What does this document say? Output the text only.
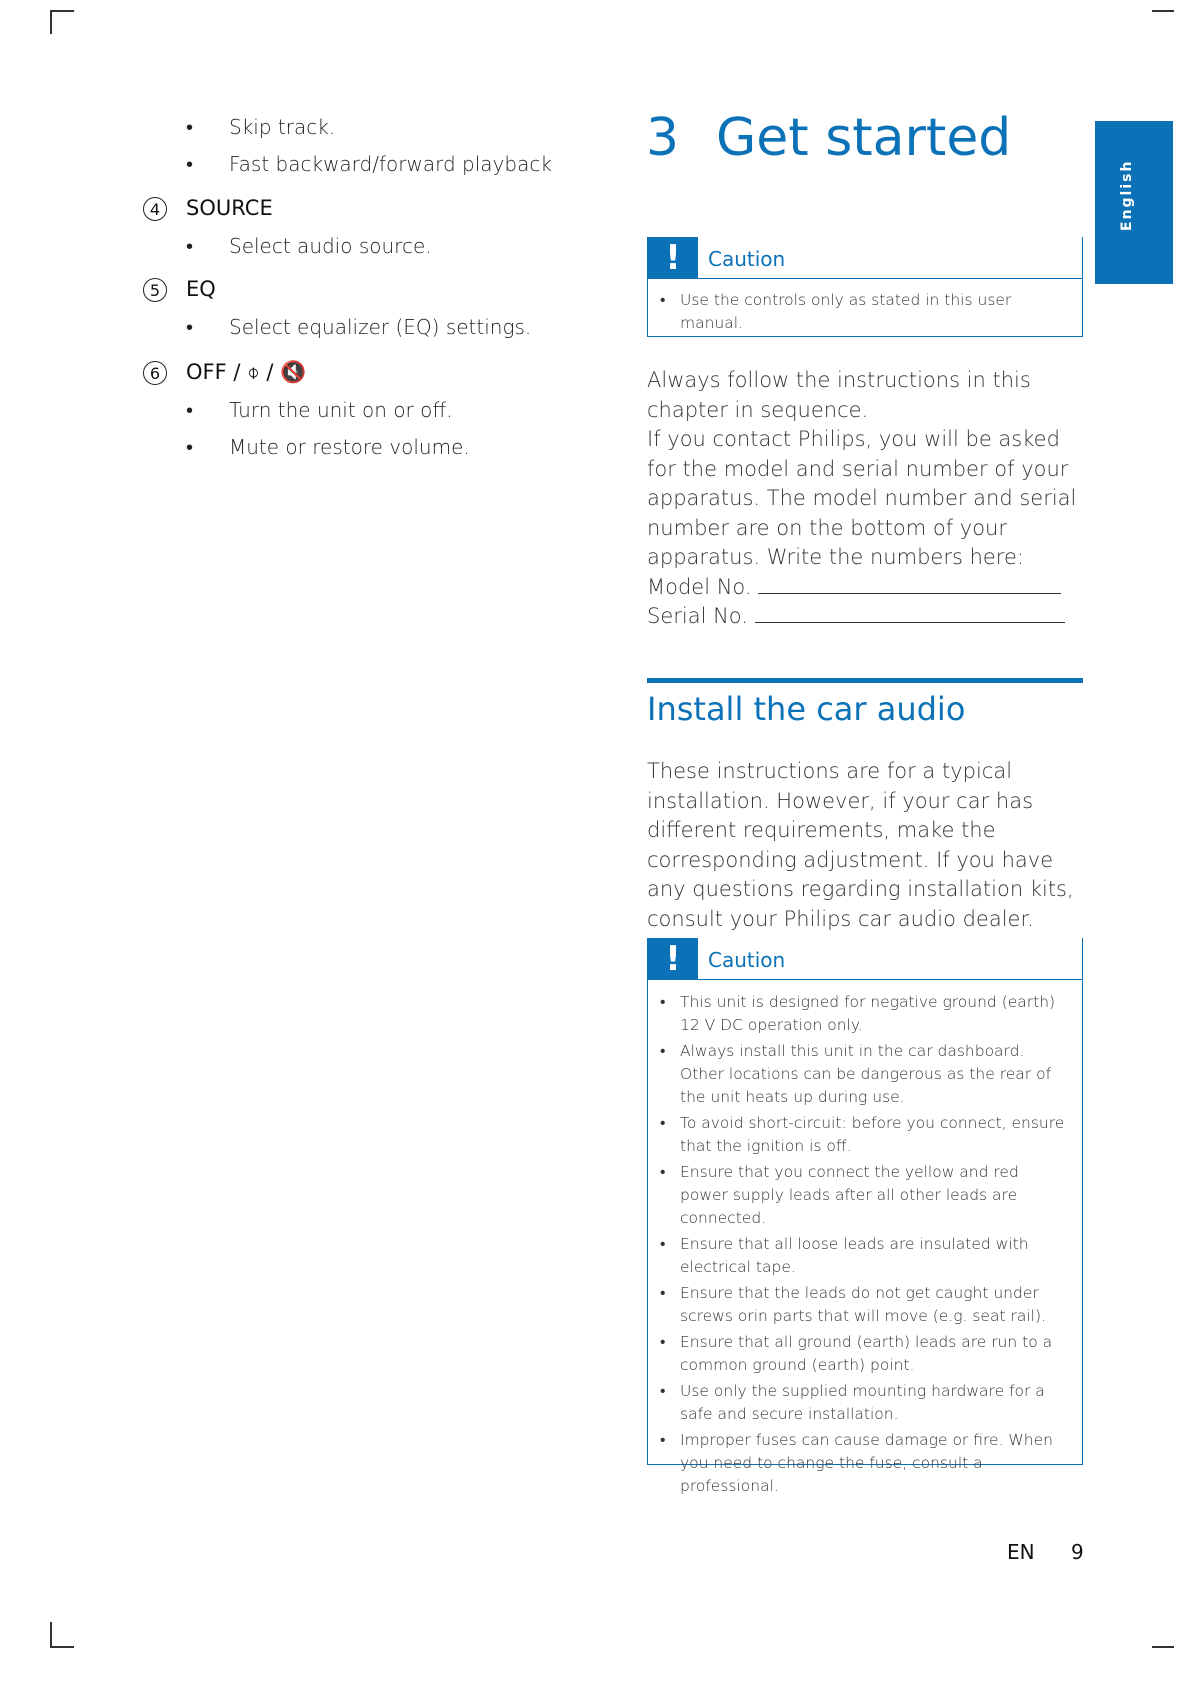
• Skip track.
• Fast backward/forward playback
4	SOURCE
• Select audio source.
5	EQ
• Select equalizer (EQ) settings.
6	OFF / ⌽ / 🔇
• Turn the unit on or off.
• Mute or restore volume.
English
3 Get started
!	Caution
• Use the controls only as stated in this user manual.

Always follow the instructions in this chapter in sequence.

If you contact Philips, you will be asked for the model and serial number of your apparatus. The model number and serial number are on the bottom of your apparatus. Write the numbers here:

Model No.

Serial No.

Install the car audio

These instructions are for a typical installation. However, if your car has different requirements, make the corresponding adjustment. If you have any questions regarding installation kits, consult your Philips car audio dealer.

!	Caution
• This unit is designed for negative ground (earth) 12 V DC operation only.
• Always install this unit in the car dashboard. Other locations can be dangerous as the rear of the unit heats up during use.
• To avoid short-circuit: before you connect, ensure that the ignition is off.
• Ensure that you connect the yellow and red power supply leads after all other leads are connected.
• Ensure that all loose leads are insulated with electrical tape.
• Ensure that the leads do not get caught under screws orin parts that will move (e.g. seat rail).
• Ensure that all ground (earth) leads are run to a common ground (earth) point.
• Use only the supplied mounting hardware for a safe and secure installation.
• Improper fuses can cause damage or fire. When you need to change the fuse, consult a professional.
EN 9
